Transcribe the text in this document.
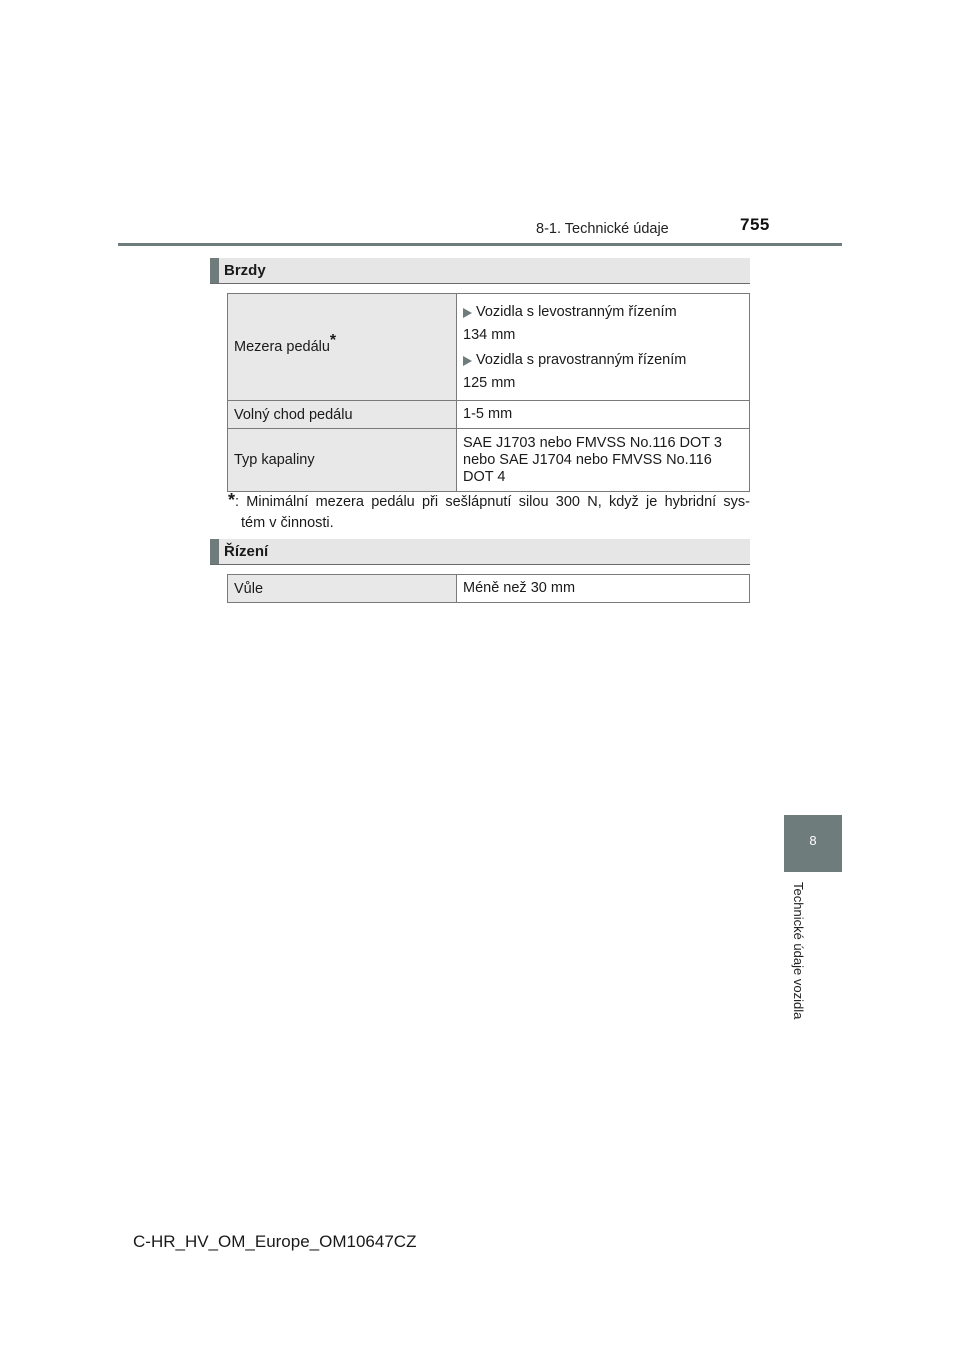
8-1. Technické údaje	755
Brzdy
Mezera pedálu*	Vozidla s levostranným řízením
134 mm
Vozidla s pravostranným řízením
125 mm

Volný chod pedálu	1-5 mm
Typ kapaliny	SAE J1703 nebo FMVSS No.116 DOT 3
nebo SAE J1704 nebo FMVSS No.116
DOT 4
*: Minimální mezera pedálu při sešlápnutí silou 300 N, když je hybridní sys-
tém v činnosti.
Řízení
Vůle	Méně než 30 mm
8
Technické údaje vozidla
C-HR_HV_OM_Europe_OM10647CZ
